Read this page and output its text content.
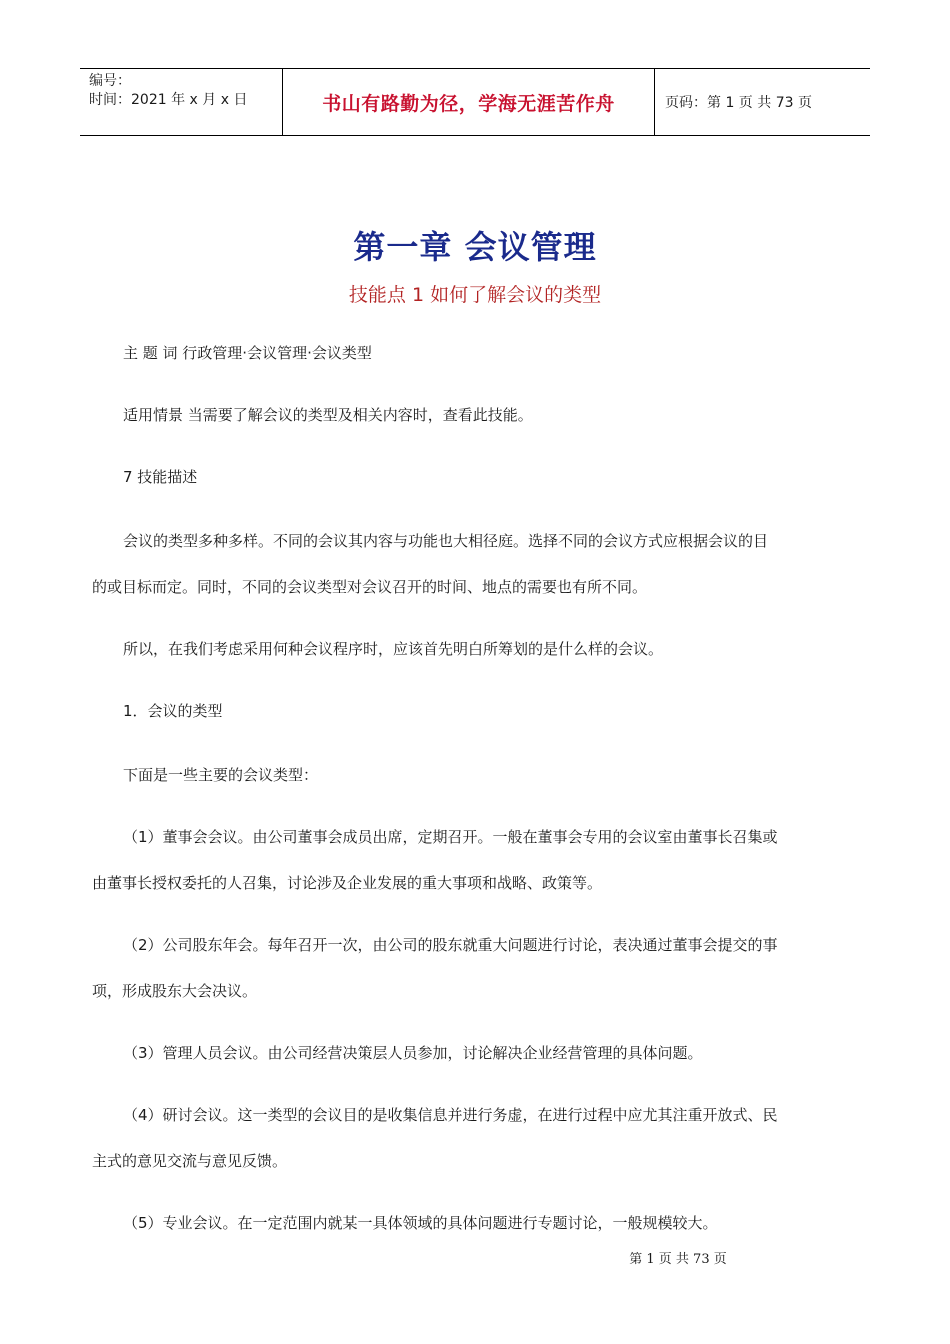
编号：
时间：2021 年 x 月 x 日	书山有路勤为径，学海无涯苦作舟	页码：第 1 页 共 73 页
第一章 会议管理
技能点 1 如何了解会议的类型
主 题 词 行政管理·会议管理·会议类型
适用情景 当需要了解会议的类型及相关内容时，查看此技能。
7 技能描述
会议的类型多种多样。不同的会议其内容与功能也大相径庭。选择不同的会议方式应根据会议的目
的或目标而定。同时，不同的会议类型对会议召开的时间、地点的需要也有所不同。
所以，在我们考虑采用何种会议程序时，应该首先明白所筹划的是什么样的会议。
1．会议的类型
下面是一些主要的会议类型：
（1）董事会会议。由公司董事会成员出席，定期召开。一般在董事会专用的会议室由董事长召集或
由董事长授权委托的人召集，讨论涉及企业发展的重大事项和战略、政策等。
（2）公司股东年会。每年召开一次，由公司的股东就重大问题进行讨论，表决通过董事会提交的事
项，形成股东大会决议。
（3）管理人员会议。由公司经营决策层人员参加，讨论解决企业经营管理的具体问题。
（4）研讨会议。这一类型的会议目的是收集信息并进行务虚，在进行过程中应尤其注重开放式、民
主式的意见交流与意见反馈。
（5）专业会议。在一定范围内就某一具体领域的具体问题进行专题讨论，一般规模较大。
第 1 页 共 73 页
